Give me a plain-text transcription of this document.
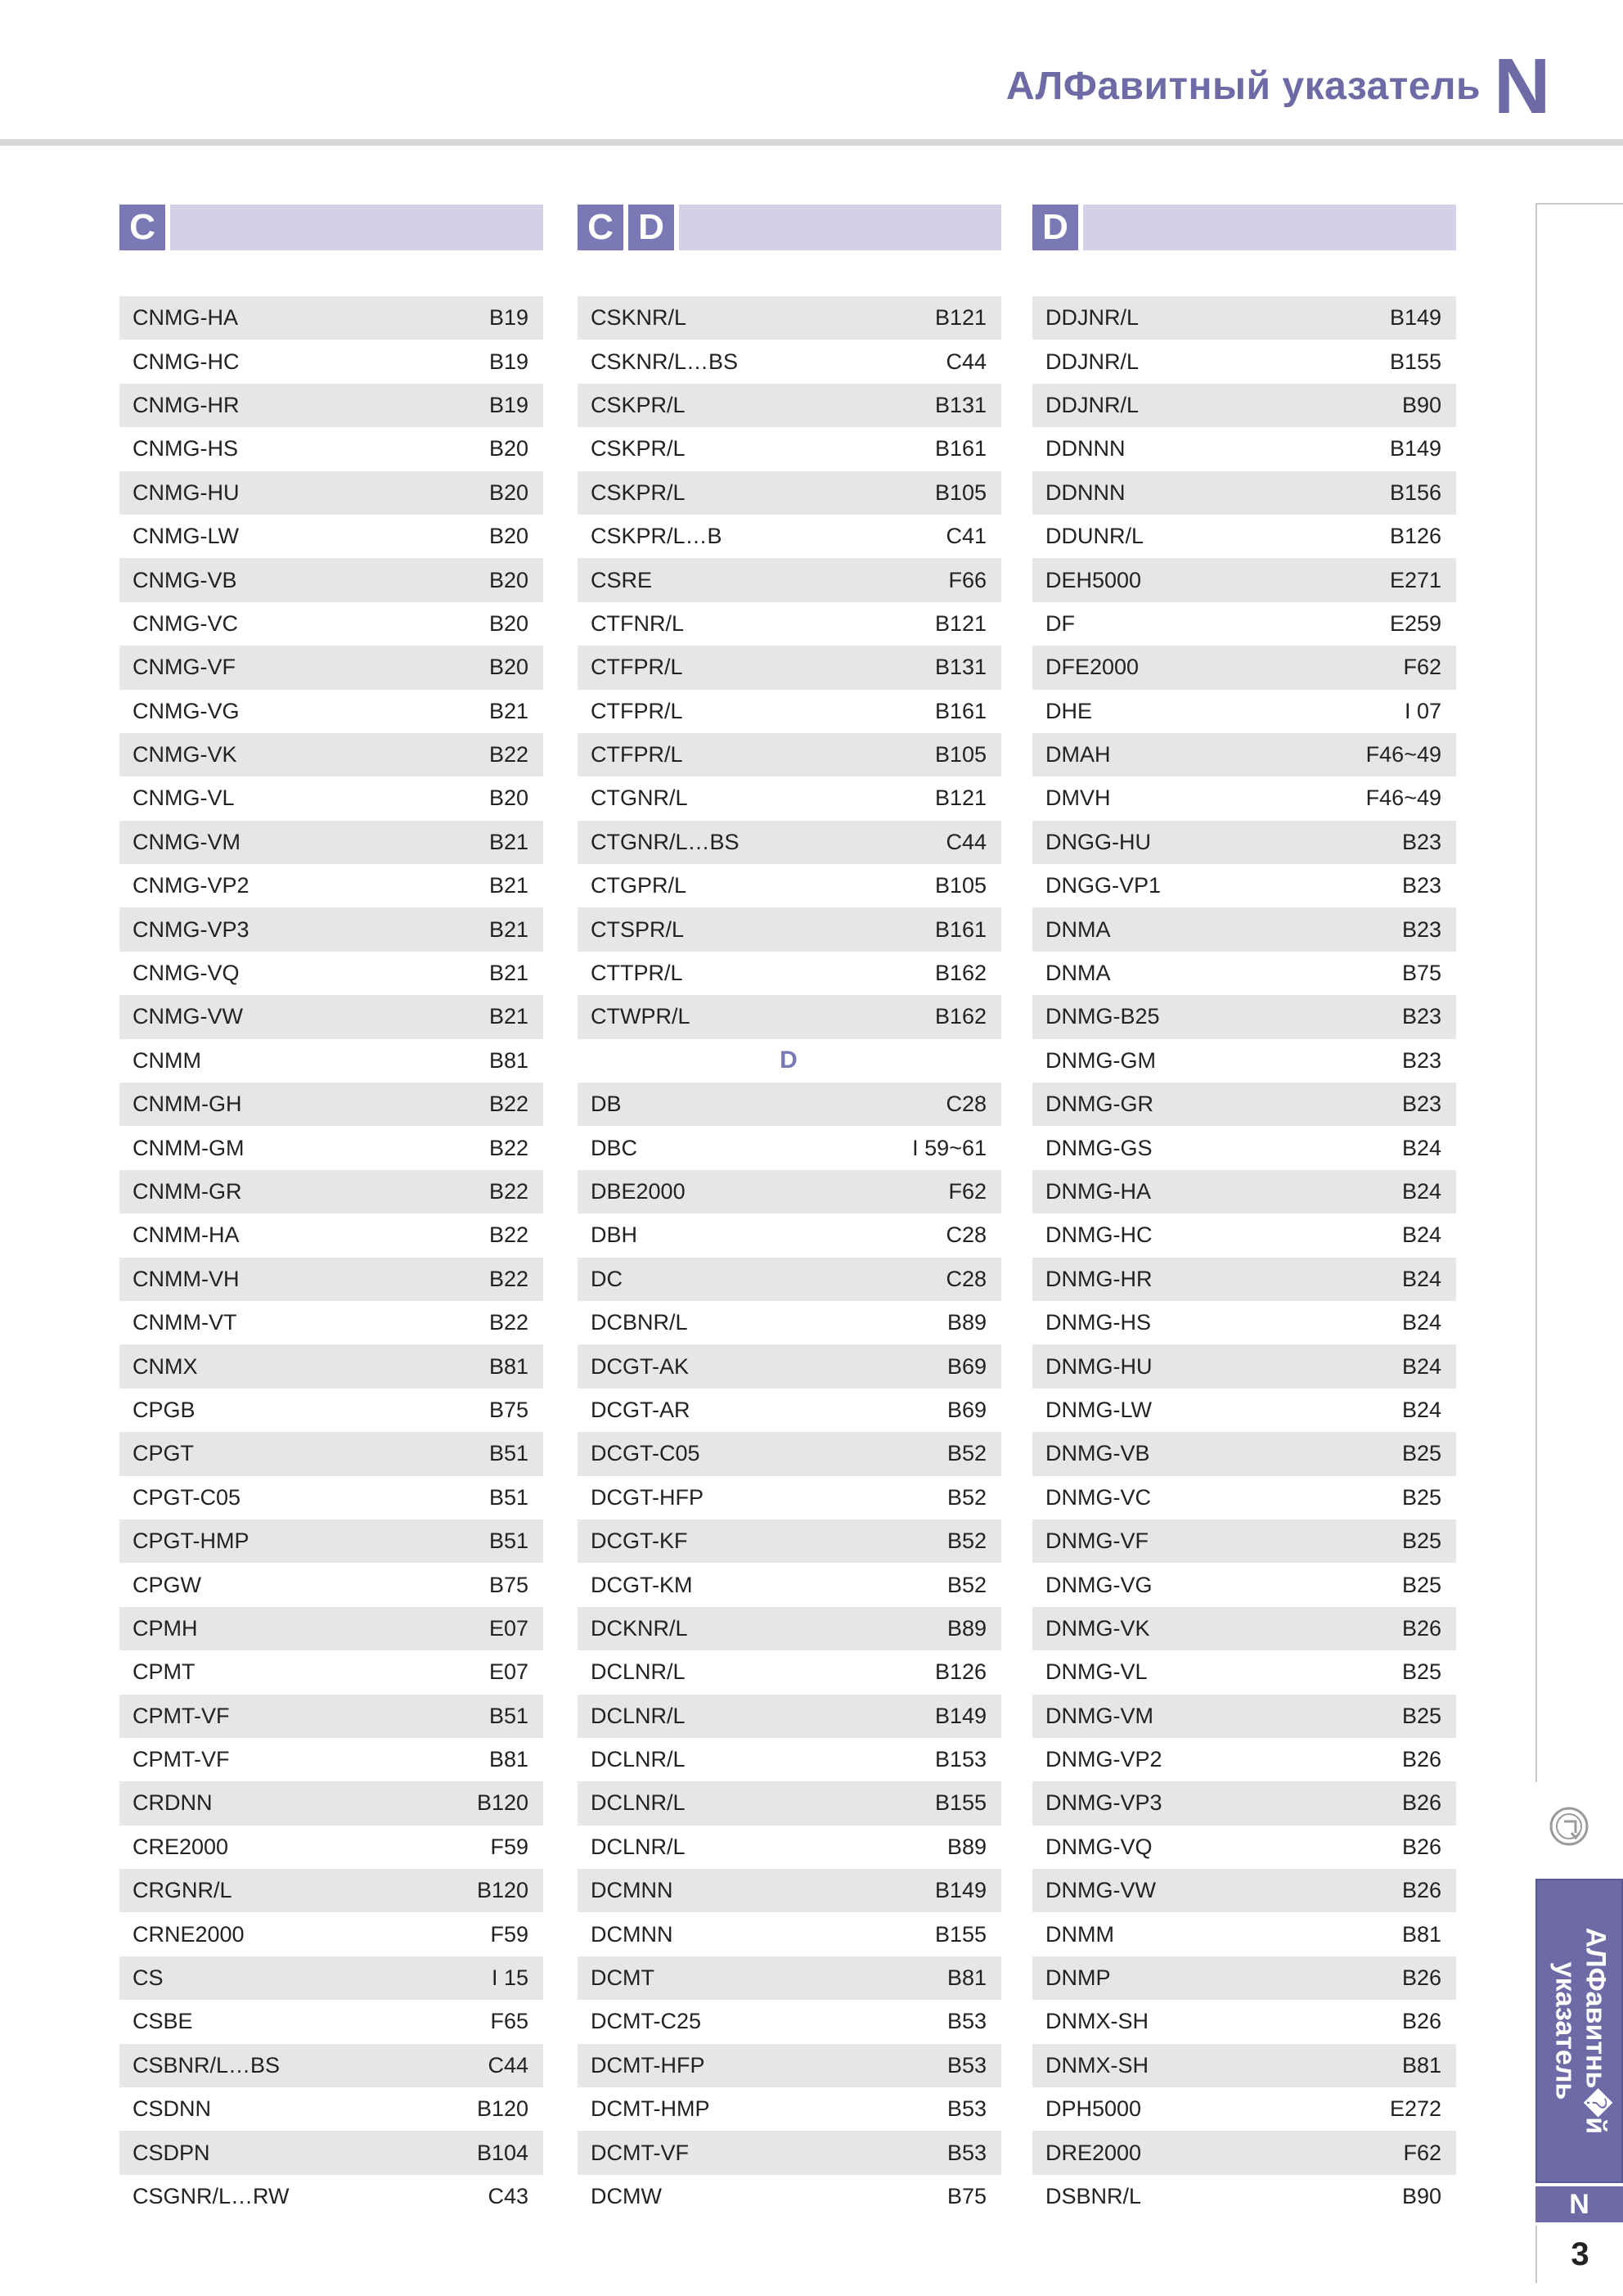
АЛФавитный указатель N
C
CNMG-HA	B19
CNMG-HC	B19
CNMG-HR	B19
CNMG-HS	B20
CNMG-HU	B20
CNMG-LW	B20
CNMG-VB	B20
CNMG-VC	B20
CNMG-VF	B20
CNMG-VG	B21
CNMG-VK	B22
CNMG-VL	B20
CNMG-VM	B21
CNMG-VP2	B21
CNMG-VP3	B21
CNMG-VQ	B21
CNMG-VW	B21
CNMM	B81
CNMM-GH	B22
CNMM-GM	B22
CNMM-GR	B22
CNMM-HA	B22
CNMM-VH	B22
CNMM-VT	B22
CNMX	B81
CPGB	B75
CPGT	B51
CPGT-C05	B51
CPGT-HMP	B51
CPGW	B75
CPMH	E07
CPMT	E07
CPMT-VF	B51
CPMT-VF	B81
CRDNN	B120
CRE2000	F59
CRGNR/L	B120
CRNE2000	F59
CS	I 15
CSBE	F65
CSBNR/L…BS	C44
CSDNN	B120
CSDPN	B104
CSGNR/L…RW	C43
C D
CSKNR/L	B121
CSKNR/L…BS	C44
CSKPR/L	B131
CSKPR/L	B161
CSKPR/L	B105
CSKPR/L…B	C41
CSRE	F66
CTFNR/L	B121
CTFPR/L	B131
CTFPR/L	B161
CTFPR/L	B105
CTGNR/L	B121
CTGNR/L…BS	C44
CTGPR/L	B105
CTSPR/L	B161
CTTPR/L	B162
CTWPR/L	B162
D
DB	C28
DBC	I 59~61
DBE2000	F62
DBH	C28
DC	C28
DCBNR/L	B89
DCGT-AK	B69
DCGT-AR	B69
DCGT-C05	B52
DCGT-HFP	B52
DCGT-KF	B52
DCGT-KM	B52
DCKNR/L	B89
DCLNR/L	B126
DCLNR/L	B149
DCLNR/L	B153
DCLNR/L	B155
DCLNR/L	B89
DCMNN	B149
DCMNN	B155
DCMT	B81
DCMT-C25	B53
DCMT-HFP	B53
DCMT-HMP	B53
DCMT-VF	B53
DCMW	B75
D
DDJNR/L	B149
DDJNR/L	B155
DDJNR/L	B90
DDNNN	B149
DDNNN	B156
DDUNR/L	B126
DEH5000	E271
DF	E259
DFE2000	F62
DHE	I 07
DMAH	F46~49
DMVH	F46~49
DNGG-HU	B23
DNGG-VP1	B23
DNMA	B23
DNMA	B75
DNMG-B25	B23
DNMG-GM	B23
DNMG-GR	B23
DNMG-GS	B24
DNMG-HA	B24
DNMG-HC	B24
DNMG-HR	B24
DNMG-HS	B24
DNMG-HU	B24
DNMG-LW	B24
DNMG-VB	B25
DNMG-VC	B25
DNMG-VF	B25
DNMG-VG	B25
DNMG-VK	B26
DNMG-VL	B25
DNMG-VM	B25
DNMG-VP2	B26
DNMG-VP3	B26
DNMG-VQ	B26
DNMG-VW	B26
DNMM	B81
DNMP	B26
DNMX-SH	B26
DNMX-SH	B81
DPH5000	E272
DRE2000	F62
DSBNR/L	B90
АЛФавитнь�й
указатель
N
3
